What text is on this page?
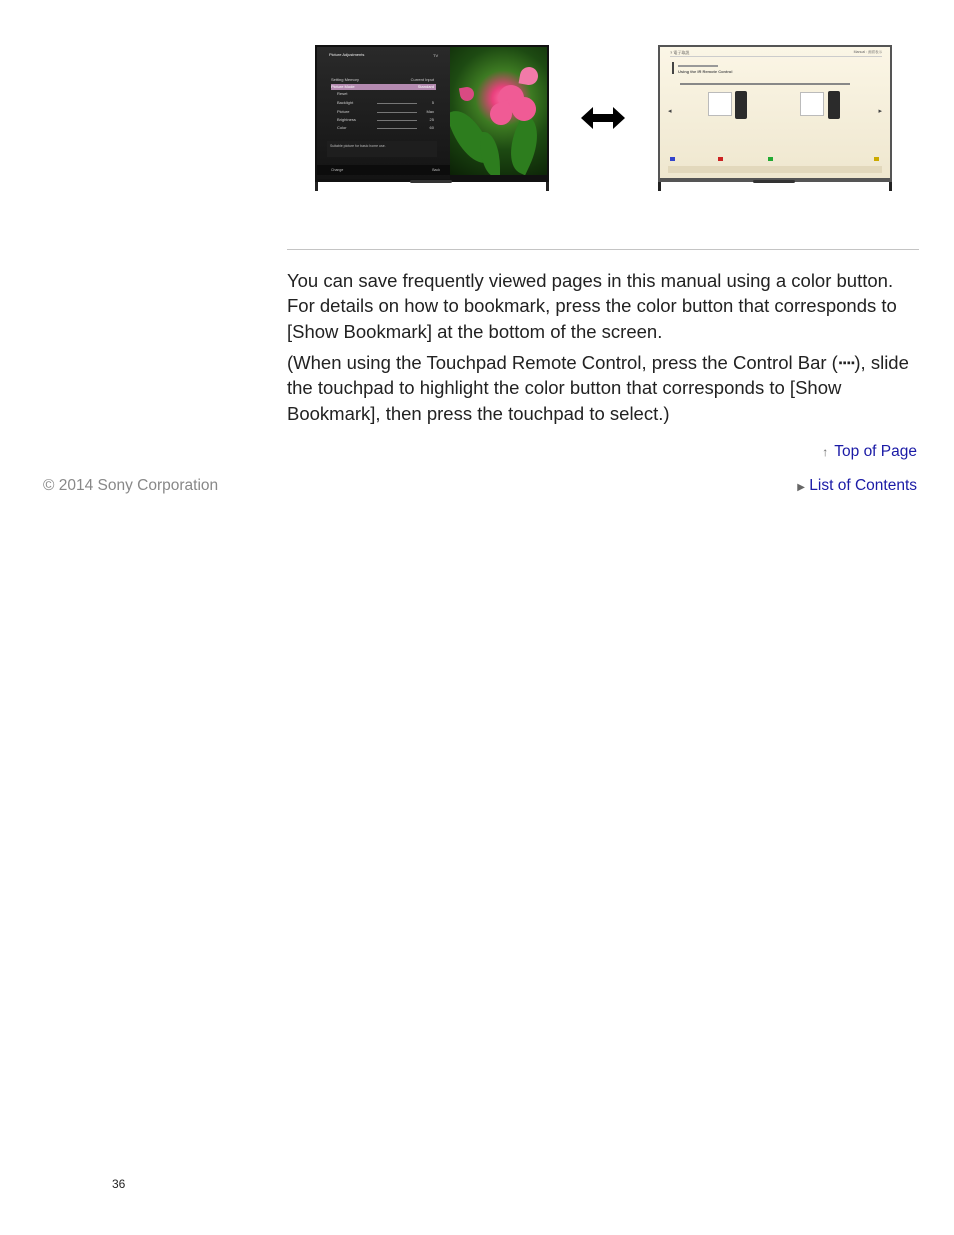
Picture Adjustments	TV
Setting Memory	Current Input
Picture Mode	Standard
Reset
Backlight	5
Picture	Max
Brightness	25
Color	60
Suitable picture for basic home use.
Change	Back
? 電子取説	Manual : 画面表示
Using the IR Remote Control
◂	▸

You can save frequently viewed pages in this manual using a color button. For details on how to bookmark, press the color button that corresponds to [Show Bookmark] at the bottom of the screen.

(When using the Touchpad Remote Control, press the Control Bar (∙∙∙∙), slide the touchpad to highlight the color button that corresponds to [Show Bookmark], then press the touchpad to select.)

↑ Top of Page
© 2014 Sony Corporation	▶ List of Contents
36
